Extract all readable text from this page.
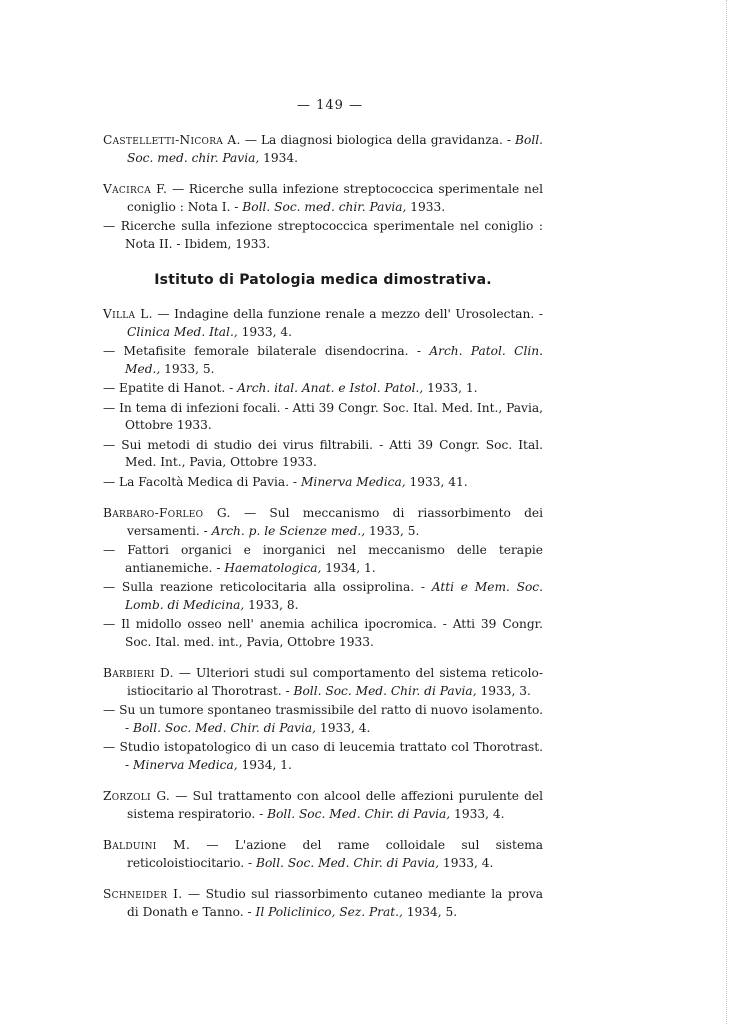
— 149 —

Castelletti-Nicora A. — La diagnosi biologica della gravidanza. - Boll. Soc. med. chir. Pavia, 1934.

Vacirca F. — Ricerche sulla infezione streptococcica sperimentale nel coniglio : Nota I. - Boll. Soc. med. chir. Pavia, 1933.

— Ricerche sulla infezione streptococcica sperimentale nel coniglio : Nota II. - Ibidem, 1933.

Istituto di Patologia medica dimostrativa.

Villa L. — Indagine della funzione renale a mezzo dell' Urosolectan. - Clinica Med. Ital., 1933, 4.

— Metafisite femorale bilaterale disendocrina. - Arch. Patol. Clin. Med., 1933, 5.

— Epatite di Hanot. - Arch. ital. Anat. e Istol. Patol., 1933, 1.

— In tema di infezioni focali. - Atti 39 Congr. Soc. Ital. Med. Int., Pavia, Ottobre 1933.

— Sui metodi di studio dei virus filtrabili. - Atti 39 Congr. Soc. Ital. Med. Int., Pavia, Ottobre 1933.

— La Facoltà Medica di Pavia. - Minerva Medica, 1933, 41.

Barbaro-Forleo G. — Sul meccanismo di riassorbimento dei versamenti. - Arch. p. le Scienze med., 1933, 5.

— Fattori organici e inorganici nel meccanismo delle terapie antianemiche. - Haematologica, 1934, 1.

— Sulla reazione reticolocitaria alla ossiprolina. - Atti e Mem. Soc. Lomb. di Medicina, 1933, 8.

— Il midollo osseo nell' anemia achilica ipocromica. - Atti 39 Congr. Soc. Ital. med. int., Pavia, Ottobre 1933.

Barbieri D. — Ulteriori studi sul comportamento del sistema reticolo-istiocitario al Thorotrast. - Boll. Soc. Med. Chir. di Pavia, 1933, 3.

— Su un tumore spontaneo trasmissibile del ratto di nuovo isolamento. - Boll. Soc. Med. Chir. di Pavia, 1933, 4.

— Studio istopatologico di un caso di leucemia trattato col Thorotrast. - Minerva Medica, 1934, 1.

Zorzoli G. — Sul trattamento con alcool delle affezioni purulente del sistema respiratorio. - Boll. Soc. Med. Chir. di Pavia, 1933, 4.

Balduini M. — L'azione del rame colloidale sul sistema reticoloistiocitario. - Boll. Soc. Med. Chir. di Pavia, 1933, 4.

Schneider I. — Studio sul riassorbimento cutaneo mediante la prova di Donath e Tanno. - Il Policlinico, Sez. Prat., 1934, 5.
